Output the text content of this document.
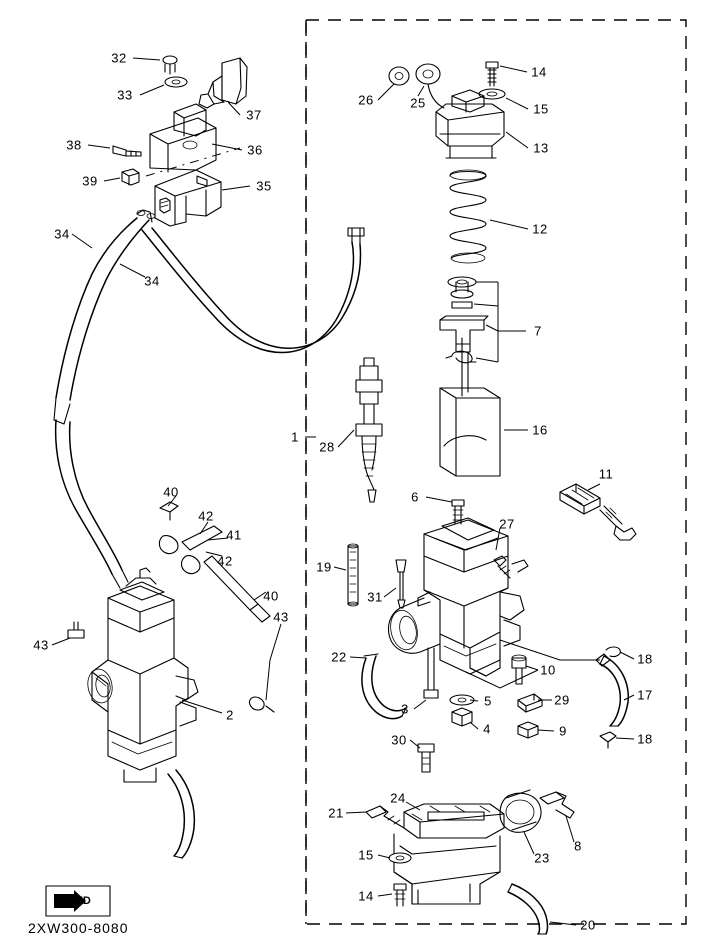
32
33
37
38	36
39	35
34
34
26	25
14
15
13
12
7
16
1
28
11
6
27
19
31
40
42
41
42
40
43
43
2
22
10
18
17
29
5
3
4	9
18
30
21
24
23
8
15
14
20
FWD
2XW300-8080
